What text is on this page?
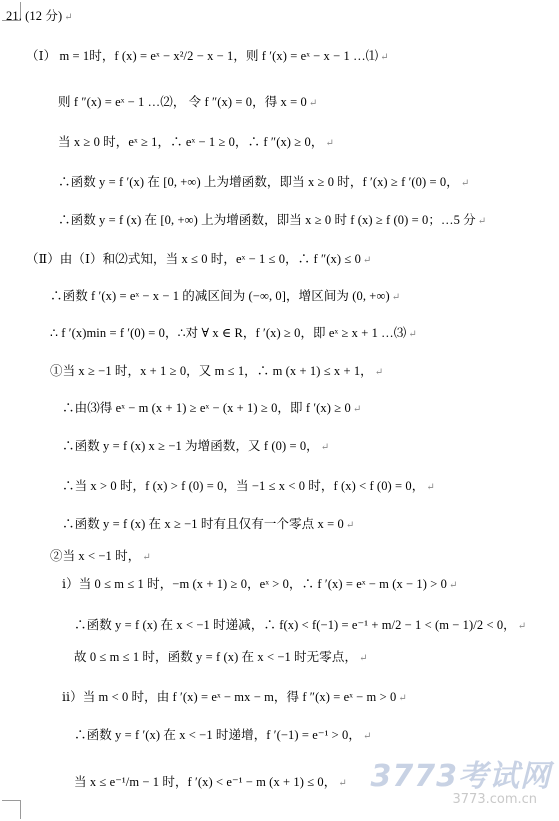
21. (12 分) ↵
（Ⅰ） m = 1时，f (x) = eˣ − x²/2 − x − 1，则 f ′(x) = eˣ − x − 1 …⑴ ↵
则 f ″(x) = eˣ − 1 …⑵， 令 f ″(x) = 0，得 x = 0 ↵
当 x ≥ 0 时，eˣ ≥ 1，∴ eˣ − 1 ≥ 0，∴ f ″(x) ≥ 0， ↵
∴函数 y = f ′(x) 在 [0, +∞) 上为增函数，即当 x ≥ 0 时，f ′(x) ≥ f ′(0) = 0， ↵
∴函数 y = f (x) 在 [0, +∞) 上为增函数，即当 x ≥ 0 时 f (x) ≥ f (0) = 0；…5 分 ↵
（Ⅱ）由（Ⅰ）和⑵式知，当 x ≤ 0 时，eˣ − 1 ≤ 0，∴ f ″(x) ≤ 0 ↵
∴函数 f ′(x) = eˣ − x − 1 的减区间为 (−∞, 0]，增区间为 (0, +∞) ↵
∴ f ′(x)min = f ′(0) = 0，∴对 ∀ x ∈ R，f ′(x) ≥ 0，即 eˣ ≥ x + 1 …⑶ ↵
①当 x ≥ −1 时，x + 1 ≥ 0，又 m ≤ 1，∴ m (x + 1) ≤ x + 1， ↵
∴由⑶得 eˣ − m (x + 1) ≥ eˣ − (x + 1) ≥ 0，即 f ′(x) ≥ 0 ↵
∴函数 y = f (x) x ≥ −1 为增函数，又 f (0) = 0， ↵
∴当 x > 0 时，f (x) > f (0) = 0，当 −1 ≤ x < 0 时，f (x) < f (0) = 0， ↵
∴函数 y = f (x) 在 x ≥ −1 时有且仅有一个零点 x = 0 ↵
②当 x < −1 时， ↵
ⅰ）当 0 ≤ m ≤ 1 时，−m (x + 1) ≥ 0，eˣ > 0，∴ f ′(x) = eˣ − m (x − 1) > 0 ↵
∴函数 y = f (x) 在 x < −1 时递减，∴ f(x) < f(−1) = e⁻¹ + m/2 − 1 < (m − 1)/2 < 0， ↵
故 0 ≤ m ≤ 1 时，函数 y = f (x) 在 x < −1 时无零点， ↵
ⅱ）当 m < 0 时，由 f ′(x) = eˣ − mx − m，得 f ″(x) = eˣ − m > 0 ↵
∴函数 y = f ′(x) 在 x < −1 时递增，f ′(−1) = e⁻¹ > 0， ↵
当 x ≤ e⁻¹/m − 1 时，f ′(x) < e⁻¹ − m (x + 1) ≤ 0， ↵ 3773考试网
3773.com.cn
